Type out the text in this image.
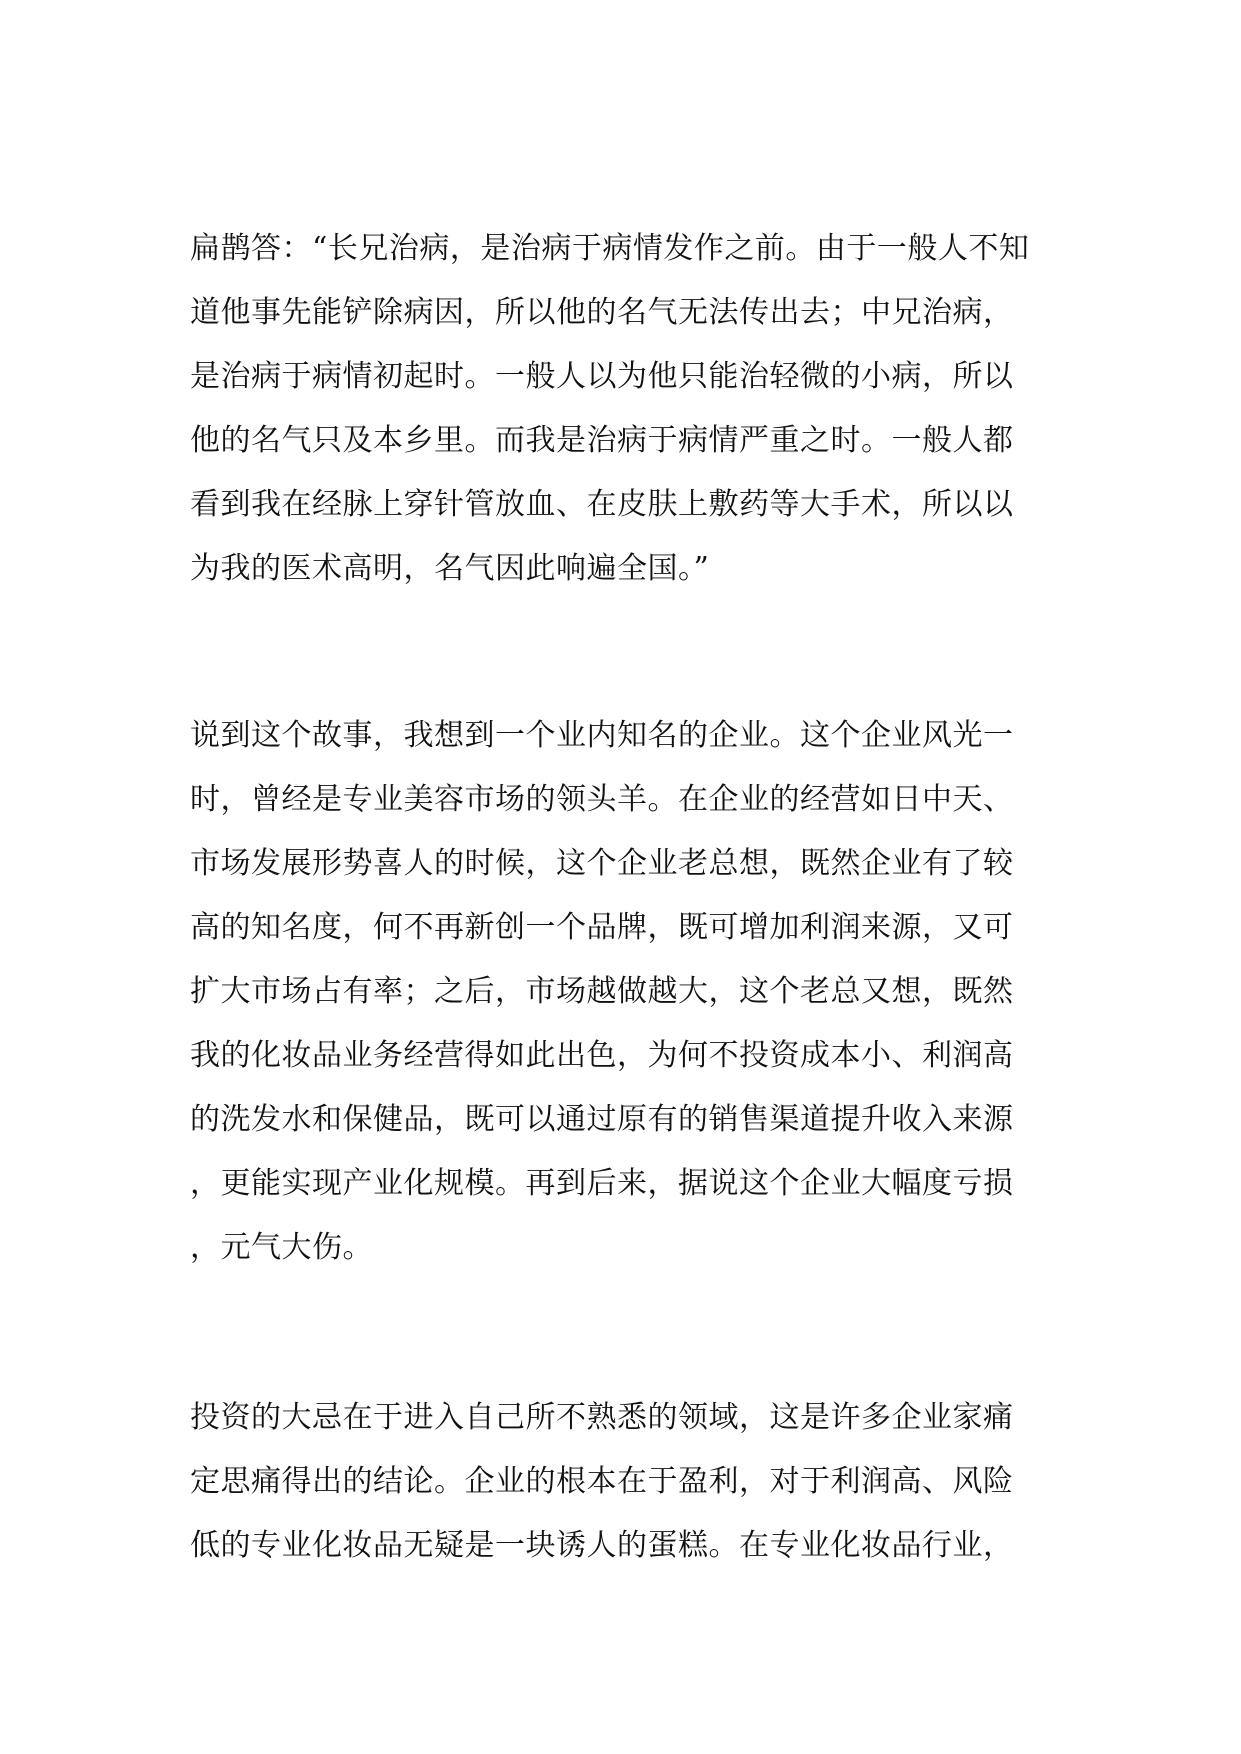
扁鹊答：“长兄治病，是治病于病情发作之前。由于一般人不知
道他事先能铲除病因，所以他的名气无法传出去；中兄治病，
是治病于病情初起时。一般人以为他只能治轻微的小病，所以
他的名气只及本乡里。而我是治病于病情严重之时。一般人都
看到我在经脉上穿针管放血、在皮肤上敷药等大手术，所以以
为我的医术高明，名气因此响遍全国。”
说到这个故事，我想到一个业内知名的企业。这个企业风光一
时，曾经是专业美容市场的领头羊。在企业的经营如日中天、
市场发展形势喜人的时候，这个企业老总想，既然企业有了较
高的知名度，何不再新创一个品牌，既可增加利润来源，又可
扩大市场占有率；之后，市场越做越大，这个老总又想，既然
我的化妆品业务经营得如此出色，为何不投资成本小、利润高
的洗发水和保健品，既可以通过原有的销售渠道提升收入来源
，更能实现产业化规模。再到后来，据说这个企业大幅度亏损
，元气大伤。
投资的大忌在于进入自己所不熟悉的领域，这是许多企业家痛
定思痛得出的结论。企业的根本在于盈利，对于利润高、风险
低的专业化妆品无疑是一块诱人的蛋糕。在专业化妆品行业，
